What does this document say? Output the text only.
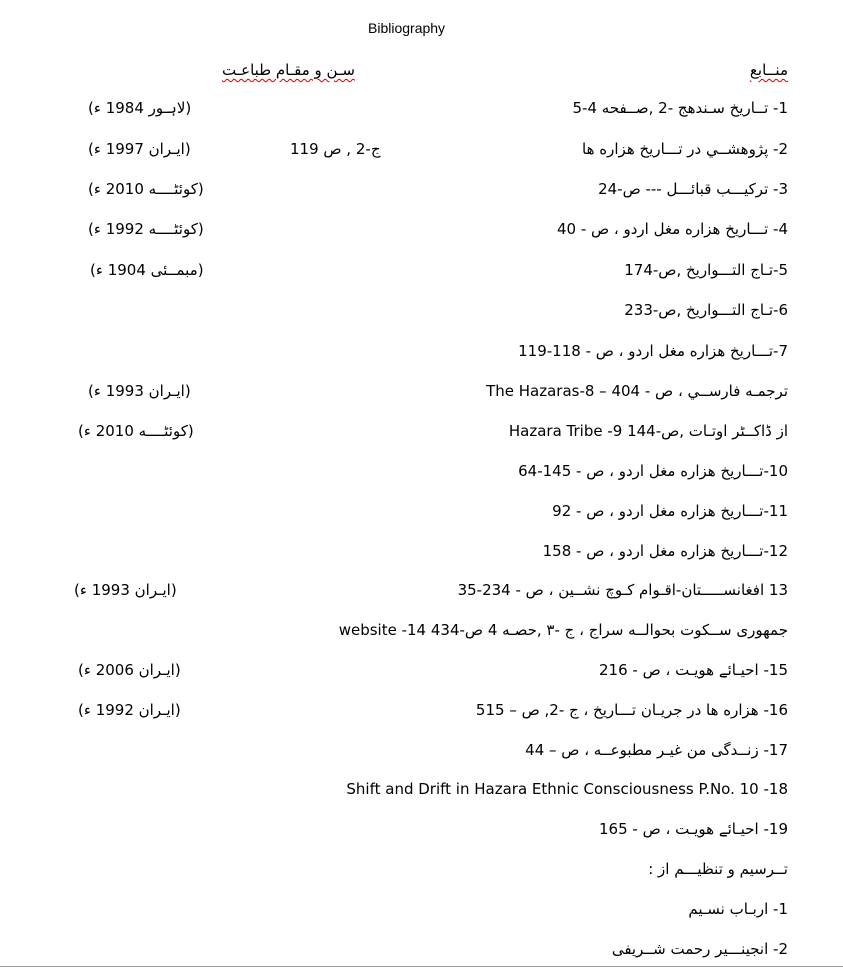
Bibliography
منــابع
سـن و مقـام طباعـت
1- تــاریخ سـندهج -2 ,صــفحه 4-5
(لاہـور 1984 ء)
2- پژوهشــي در تـــاريخ هزاره ها
ج-2 , ص 119
(ایـران 1997 ء)
3- ترکیـــب قبائـــل --- ص-24
(کوئٹــــه 2010 ء)
4- تـــاریخ هزاره مغل اردو ، ص - 40
(کوئٹــــه 1992 ء)
5-تـاج التـــواريخ ,ص-174
(مبمــئی 1904 ء)
6-تـاج التـــواريخ ,ص-233
7-تـــاریخ هزاره مغل اردو ، ص - 118-119
The Hazaras-8 – ترجمـه فارســي ، ص - 404
(ایـران 1993 ء)
Hazara Tribe -9 از ڈاکــٹر اوتـات ,ص-144
(کوئٹــــه 2010 ء)
10-تـــاریخ هزاره مغل اردو ، ص - 145-64
11-تـــاریخ هزاره مغل اردو ، ص - 92
12-تـــاریخ هزاره مغل اردو ، ص - 158
13 افغانســـــتان-اقـوام کـوچ نشــين ، ص - 234-35
(ایـران 1993 ء)
website -14 جمهوری ســکوت بحوالــه سراج ، ج -٣ ,حصـه 4 ص-434
15- احیـائے هویـت ، ص - 216
(ایـران 2006 ء)
16- هزاره ها در جريـان تـــاريخ ، ج -2, ص – 515
(ایـران 1992 ء)
17- زنــدگی من غیـر مطبوعــه ، ص – 44
Shift and Drift in Hazara Ethnic Consciousness P.No. 10 -18
19- احیـائے هویـت ، ص - 165
تــرسیم و تنظیـــم از :
1- اربـاب نسـیم
2- انجینـــیر رحمت شــریفی
